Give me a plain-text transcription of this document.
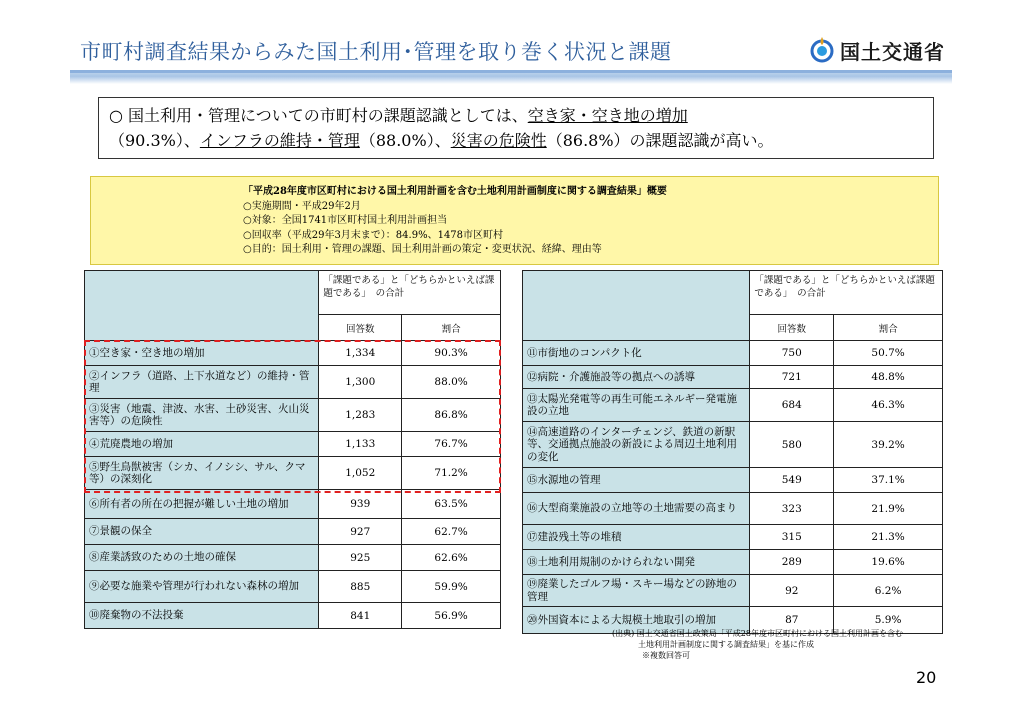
市町村調査結果からみた国土利用･管理を取り巻く状況と課題	国土交通省
○ 国土利用・管理についての市町村の課題認識としては、空き家・空き地の増加
（90.3%）、インフラの維持・管理（88.0%）、災害の危険性（86.8%）の課題認識が高い。
「平成28年度市区町村における国土利用計画を含む土地利用計画制度に関する調査結果」概要
○実施期間・平成29年2月
○対象：全国1741市区町村国土利用計画担当
○回収率（平成29年3月末まで）：84.9%、1478市区町村
○目的：国土利用・管理の課題、国土利用計画の策定・変更状況、経緯、理由等
	「課題である」と「どちらかといえば課題である」　の合計	
	回答数	割合
①空き家・空き地の増加	1,334	90.3%
②インフラ（道路、上下水道など）の維持・管理	1,300	88.0%
③災害（地震、津波、水害、土砂災害、火山災害等）の危険性	1,283	86.8%
④荒廃農地の増加	1,133	76.7%
⑤野生鳥獣被害（シカ、イノシシ、サル、クマ等）の深刻化	1,052	71.2%
⑥所有者の所在の把握が難しい土地の増加	939	63.5%
⑦景観の保全	927	62.7%
⑧産業誘致のための土地の確保	925	62.6%
⑨必要な施業や管理が行われない森林の増加	885	59.9%
⑩廃棄物の不法投棄	841	56.9%
	「課題である」と「どちらかといえば課題である」　の合計	
	回答数	割合
⑪市街地のコンパクト化	750	50.7%
⑫病院・介護施設等の拠点への誘導	721	48.8%
⑬太陽光発電等の再生可能エネルギー発電施設の立地	684	46.3%
⑭高速道路のインターチェンジ、鉄道の新駅等、交通拠点施設の新設による周辺土地利用の変化	580	39.2%
⑮水源地の管理	549	37.1%
⑯大型商業施設の立地等の土地需要の高まり	323	21.9%
⑰建設残土等の堆積	315	21.3%
⑱土地利用規制のかけられない開発	289	19.6%
⑲廃業したゴルフ場・スキー場などの跡地の管理	92	6.2%
⑳外国資本による大規模土地取引の増加	87	5.9%
(出典) 国土交通省国土政策局「平成28年度市区町村における国土利用計画を含む
土地利用計画制度に関する調査結果」を基に作成
※複数回答可
20
